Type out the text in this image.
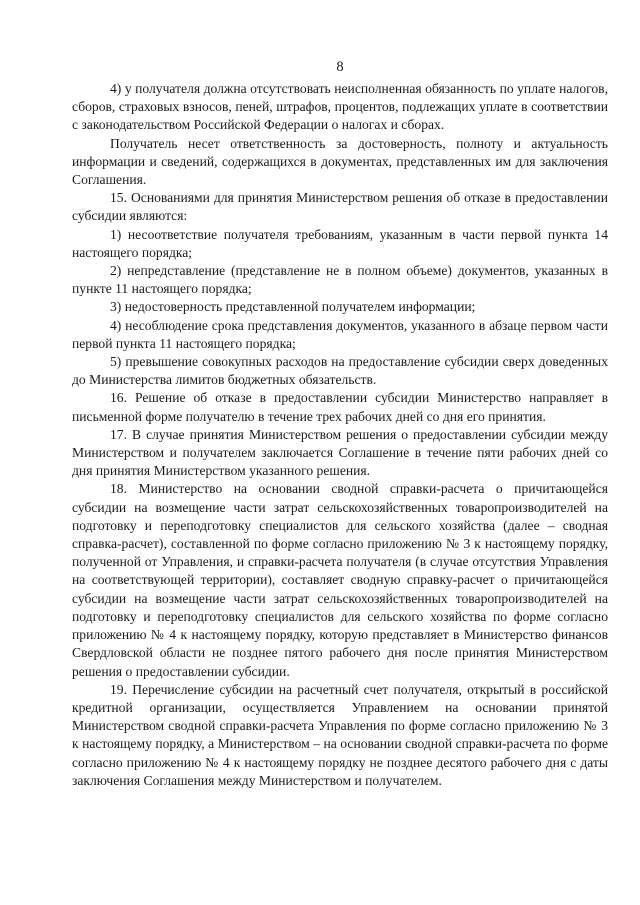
8

4) у получателя должна отсутствовать неисполненная обязанность по уплате налогов, сборов, страховых взносов, пеней, штрафов, процентов, подлежащих уплате в соответствии с законодательством Российской Федерации о налогах и сборах.

Получатель несет ответственность за достоверность, полноту и актуальность информации и сведений, содержащихся в документах, представленных им для заключения Соглашения.

15. Основаниями для принятия Министерством решения об отказе в предоставлении субсидии являются:

1) несоответствие получателя требованиям, указанным в части первой пункта 14 настоящего порядка;

2) непредставление (представление не в полном объеме) документов, указанных в пункте 11 настоящего порядка;

3) недостоверность представленной получателем информации;

4) несоблюдение срока представления документов, указанного в абзаце первом части первой пункта 11 настоящего порядка;

5) превышение совокупных расходов на предоставление субсидии сверх доведенных до Министерства лимитов бюджетных обязательств.

16. Решение об отказе в предоставлении субсидии Министерство направляет в письменной форме получателю в течение трех рабочих дней со дня его принятия.

17. В случае принятия Министерством решения о предоставлении субсидии между Министерством и получателем заключается Соглашение в течение пяти рабочих дней со дня принятия Министерством указанного решения.

18. Министерство на основании сводной справки-расчета о причитающейся субсидии на возмещение части затрат сельскохозяйственных товаропроизводителей на подготовку и переподготовку специалистов для сельского хозяйства (далее – сводная справка-расчет), составленной по форме согласно приложению № 3 к настоящему порядку, полученной от Управления, и справки-расчета получателя (в случае отсутствия Управления на соответствующей территории), составляет сводную справку-расчет о причитающейся субсидии на возмещение части затрат сельскохозяйственных товаропроизводителей на подготовку и переподготовку специалистов для сельского хозяйства по форме согласно приложению № 4 к настоящему порядку, которую представляет в Министерство финансов Свердловской области не позднее пятого рабочего дня после принятия Министерством решения о предоставлении субсидии.

19. Перечисление субсидии на расчетный счет получателя, открытый в российской кредитной организации, осуществляется Управлением на основании принятой Министерством сводной справки-расчета Управления по форме согласно приложению № 3 к настоящему порядку, а Министерством – на основании сводной справки-расчета по форме согласно приложению № 4 к настоящему порядку не позднее десятого рабочего дня с даты заключения Соглашения между Министерством и получателем.
